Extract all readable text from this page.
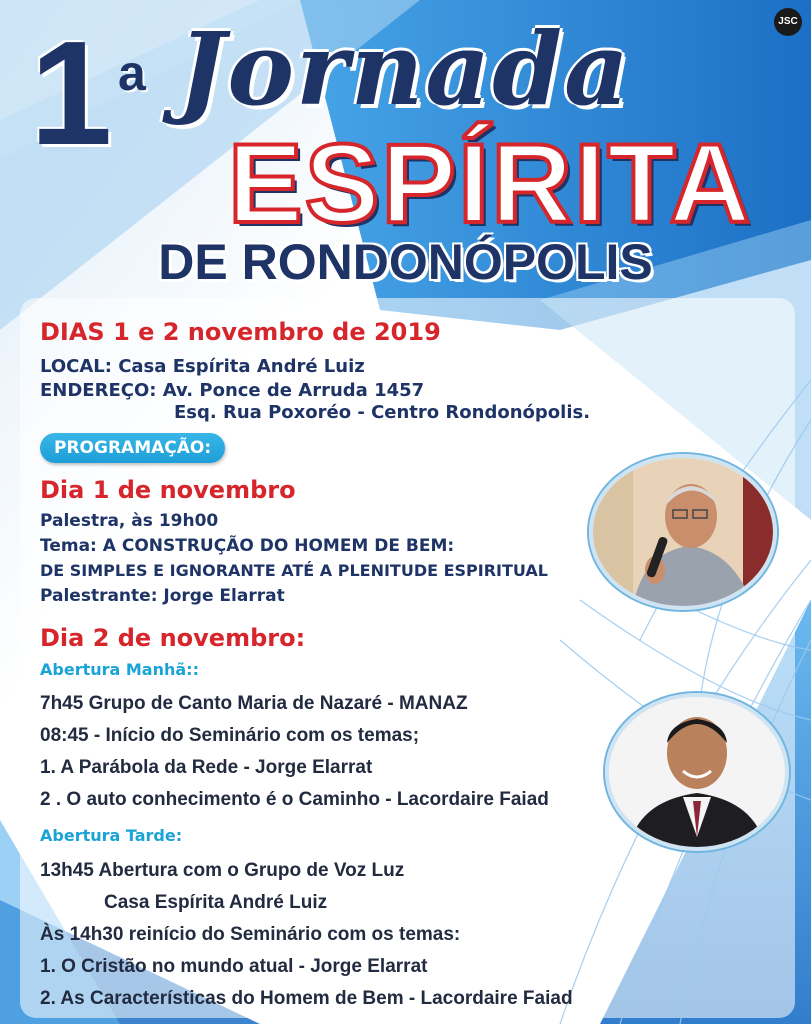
JSC
1 a Jornada
ESPÍRITA
DE RONDONÓPOLIS
DIAS 1 e 2 novembro de 2019
LOCAL: Casa Espírita André Luiz
ENDEREÇO: Av. Ponce de Arruda 1457
Esq. Rua Poxoréo - Centro Rondonópolis.
PROGRAMAÇÃO:
Dia 1 de novembro
Palestra, às 19h00
Tema: A CONSTRUÇÃO DO HOMEM DE BEM:
DE SIMPLES E IGNORANTE ATÉ A PLENITUDE ESPIRITUAL
Palestrante: Jorge Elarrat
Dia 2 de novembro:
Abertura Manhã::
7h45 Grupo de Canto Maria de Nazaré - MANAZ
08:45 - Início do Seminário com os temas;
1. A Parábola da Rede - Jorge Elarrat
2 . O auto conhecimento é o Caminho - Lacordaire Faiad
Abertura Tarde:
13h45 Abertura com o Grupo de Voz Luz
Casa Espírita André Luiz
Às 14h30 reinício do Seminário com os temas:
1. O Cristão no mundo atual - Jorge Elarrat
2. As Características do Homem de Bem - Lacordaire Faiad
